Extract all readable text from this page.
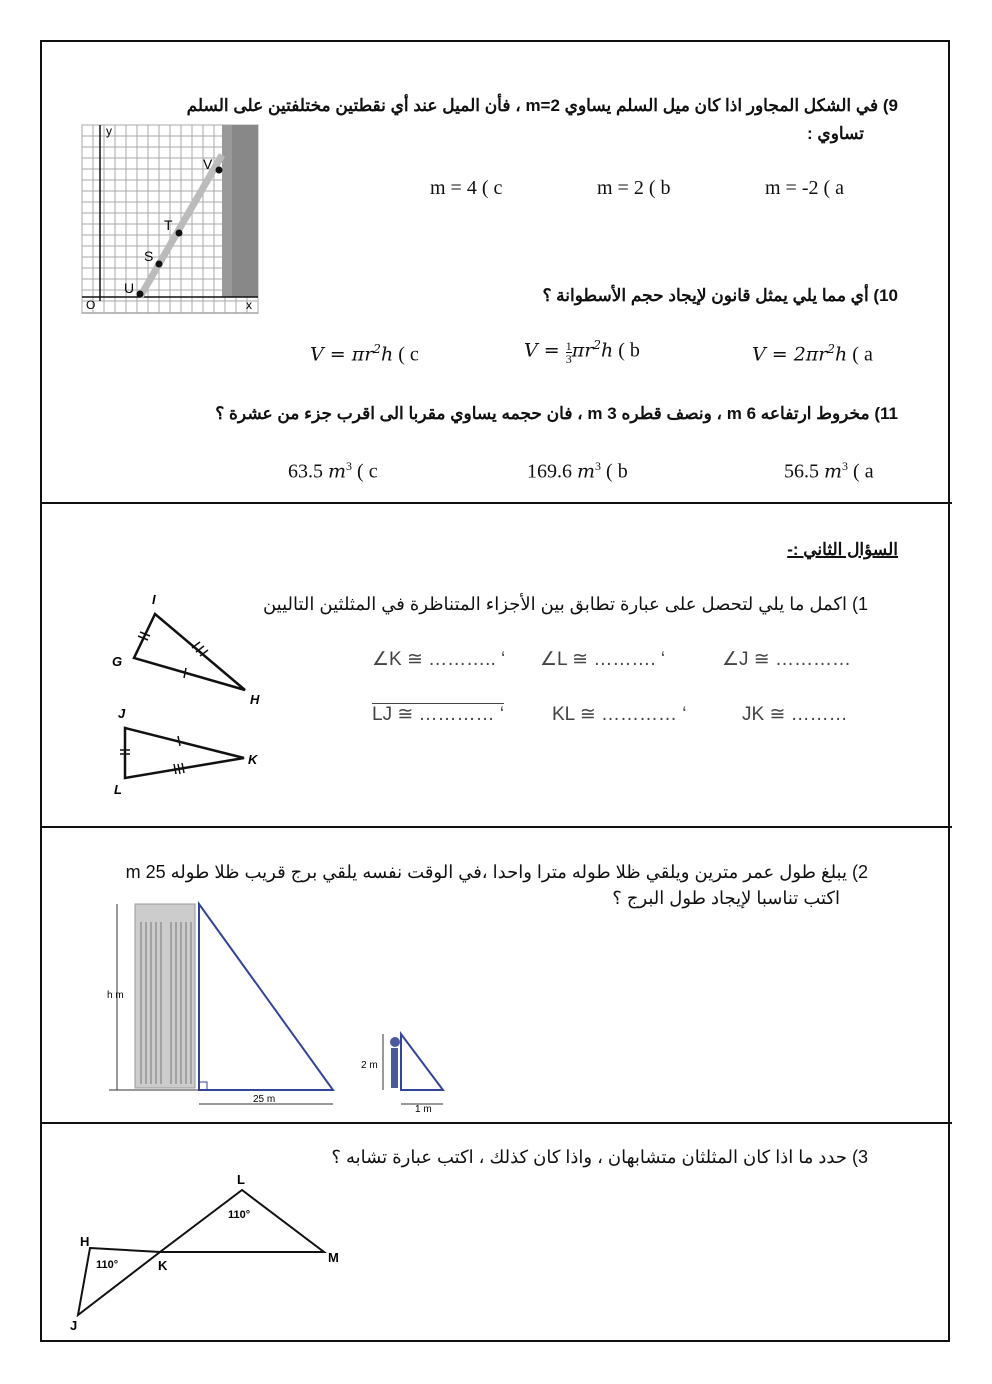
9) في الشكل المجاور اذا كان ميل السلم يساوي m=2 ، فأن الميل عند أي نقطتين مختلفتين على السلم
تساوي :
m = 4 ( c	m = 2 ( b	m = -2 ( a
y
x
O
U
S
T
V
10) أي مما يلي يمثل قانون لإيجاد حجم الأسطوانة ؟
$V = \pi r^2h$ ( c	$V = \frac{1}{3} \pi r^2h$ ( b	$V = 2\pi r^2h$ ( a
11) مخروط ارتفاعه 6 m ، ونصف قطره 3 m ، فان حجمه يساوي مقربا الى اقرب جزء من عشرة ؟
63.5 $m^3$ ( c	169.6 $m^3$ ( b	56.5 $m^3$ ( a
السؤال الثاني :-
1) اكمل ما يلي لتحصل على عبارة تطابق بين الأجزاء المتناظرة في المثلثين التاليين
∠K ≅ ……….. ‘ ∠L ≅ ………. ‘	∠J ≅ …………
LJ ≅ ………… ‘	KL ≅ ………… ‘	JK ≅ ………
I
G
H
J
K
L
2) يبلغ طول عمر مترين ويلقي ظلا طوله مترا واحدا ،في الوقت نفسه يلقي برج قريب ظلا طوله 25 m
اكتب تناسبا لإيجاد طول البرج ؟
h m
25 m
2 m
1 m
3) حدد ما اذا كان المثلثان متشابهان ، واذا كان كذلك ، اكتب عبارة تشابه ؟
L
H
K
M
J
110°
110°
